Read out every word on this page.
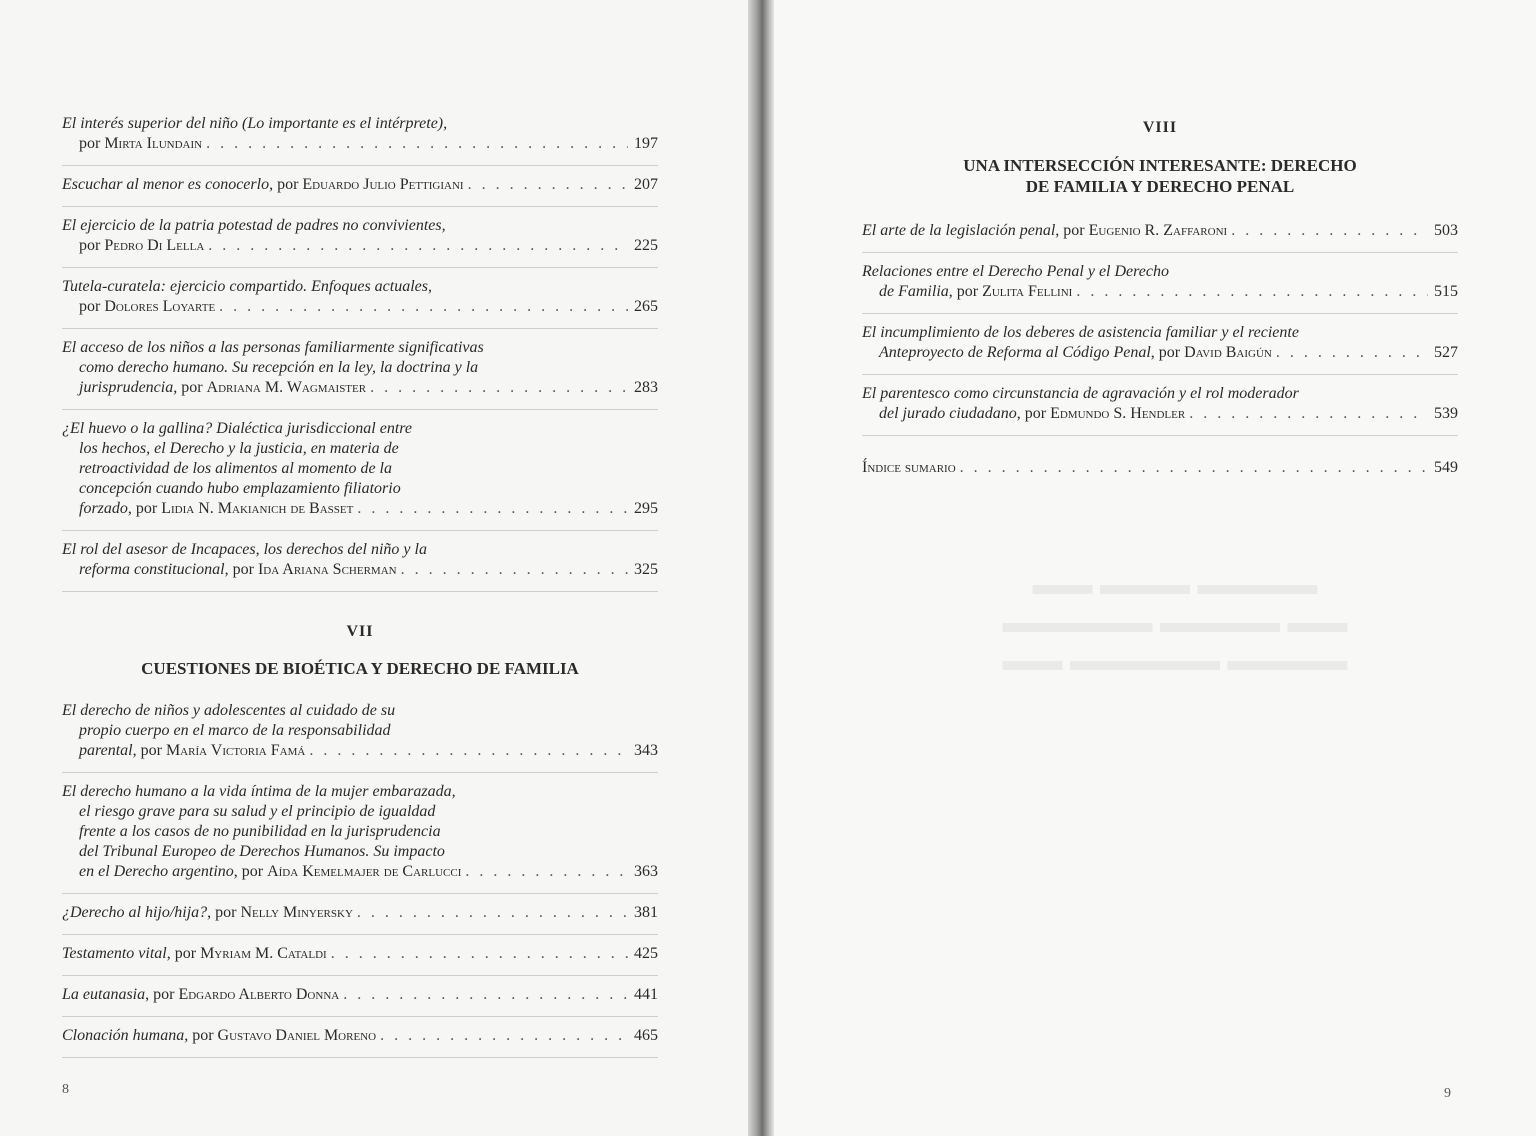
▬▬ ▬▬▬ ▬▬▬▬
▬▬▬▬▬ ▬▬▬▬ ▬▬
▬▬ ▬▬▬▬▬ ▬▬▬▬
El interés superior del niño (Lo importante es el intérprete),
por Mirta Ilundain . . .	197
Escuchar al menor es conocerlo, por Eduardo Julio Pettigiani . . .	207
El ejercicio de la patria potestad de padres no convivientes,
por Pedro Di Lella . . .	225
Tutela-curatela: ejercicio compartido. Enfoques actuales,
por Dolores Loyarte . . .	265
El acceso de los niños a las personas familiarmente significativas
como derecho humano. Su recepción en la ley, la doctrina y la
jurisprudencia, por Adriana M. Wagmaister . . .	283
¿El huevo o la gallina? Dialéctica jurisdiccional entre
los hechos, el Derecho y la justicia, en materia de
retroactividad de los alimentos al momento de la
concepción cuando hubo emplazamiento filiatorio
forzado, por Lidia N. Makianich de Basset . . .	295
El rol del asesor de Incapaces, los derechos del niño y la
reforma constitucional, por Ida Ariana Scherman . . .	325
VII
CUESTIONES DE BIOÉTICA Y DERECHO DE FAMILIA
El derecho de niños y adolescentes al cuidado de su
propio cuerpo en el marco de la responsabilidad
parental, por María Victoria Famá . . .	343
El derecho humano a la vida íntima de la mujer embarazada,
el riesgo grave para su salud y el principio de igualdad
frente a los casos de no punibilidad en la jurisprudencia
del Tribunal Europeo de Derechos Humanos. Su impacto
en el Derecho argentino, por Aída Kemelmajer de Carlucci . . .	363
¿Derecho al hijo/hija?, por Nelly Minyersky . . .	381
Testamento vital, por Myriam M. Cataldi . . .	425
La eutanasia, por Edgardo Alberto Donna . . .	441
Clonación humana, por Gustavo Daniel Moreno . . .	465
8
VIII
UNA INTERSECCIÓN INTERESANTE: DERECHO
DE FAMILIA Y DERECHO PENAL
El arte de la legislación penal, por Eugenio R. Zaffaroni . . .	503
Relaciones entre el Derecho Penal y el Derecho
de Familia, por Zulita Fellini . . .	515
El incumplimiento de los deberes de asistencia familiar y el reciente
Anteproyecto de Reforma al Código Penal, por David Baigún . . .	527
El parentesco como circunstancia de agravación y el rol moderador
del jurado ciudadano, por Edmundo S. Hendler . . .	539
Índice sumario . . .	549
9
